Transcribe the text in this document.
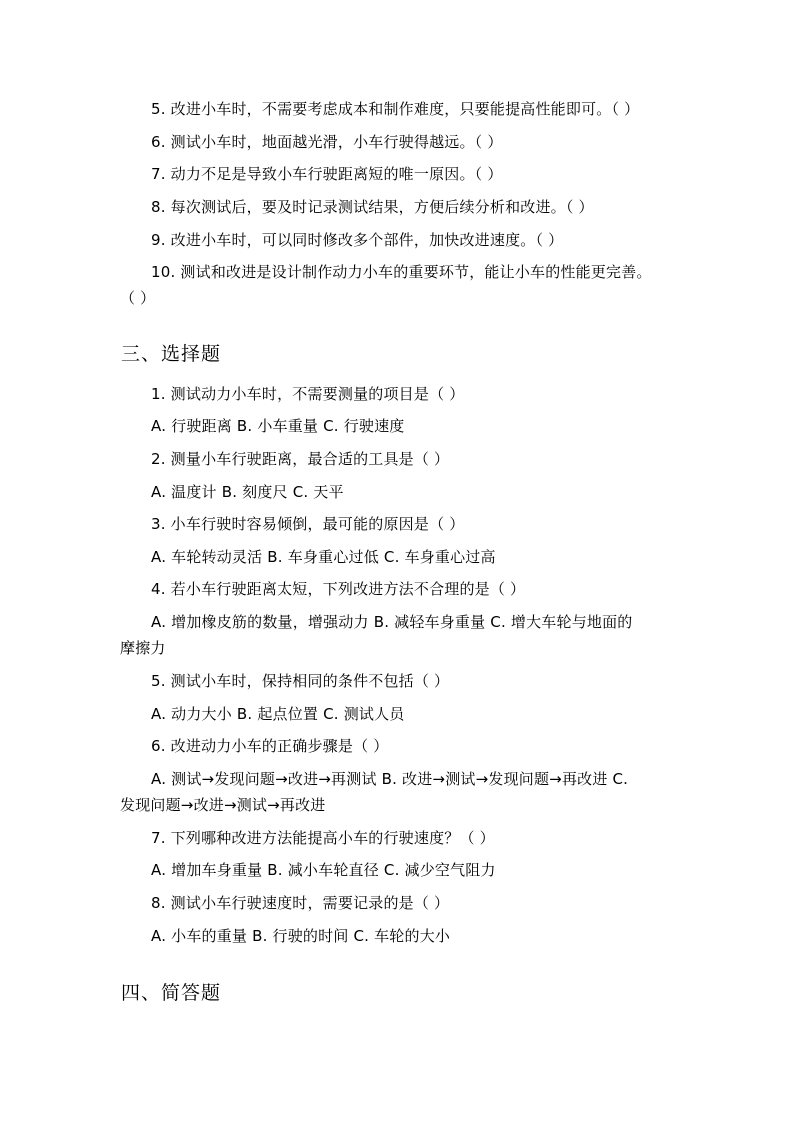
5. 改进小车时，不需要考虑成本和制作难度，只要能提高性能即可。（ ）
6. 测试小车时，地面越光滑，小车行驶得越远。（ ）
7. 动力不足是导致小车行驶距离短的唯一原因。（ ）
8. 每次测试后，要及时记录测试结果，方便后续分析和改进。（ ）
9. 改进小车时，可以同时修改多个部件，加快改进速度。（ ）
10. 测试和改进是设计制作动力小车的重要环节，能让小车的性能更完善。
（ ）
三、选择题
1. 测试动力小车时，不需要测量的项目是（ ）
A. 行驶距离 B. 小车重量 C. 行驶速度
2. 测量小车行驶距离，最合适的工具是（ ）
A. 温度计 B. 刻度尺 C. 天平
3. 小车行驶时容易倾倒，最可能的原因是（ ）
A. 车轮转动灵活 B. 车身重心过低 C. 车身重心过高
4. 若小车行驶距离太短，下列改进方法不合理的是（ ）
A. 增加橡皮筋的数量，增强动力 B. 减轻车身重量 C. 增大车轮与地面的
摩擦力
5. 测试小车时，保持相同的条件不包括（ ）
A. 动力大小 B. 起点位置 C. 测试人员
6. 改进动力小车的正确步骤是（ ）
A. 测试→发现问题→改进→再测试 B. 改进→测试→发现问题→再改进 C.
发现问题→改进→测试→再改进
7. 下列哪种改进方法能提高小车的行驶速度？（ ）
A. 增加车身重量 B. 减小车轮直径 C. 减少空气阻力
8. 测试小车行驶速度时，需要记录的是（ ）
A. 小车的重量 B. 行驶的时间 C. 车轮的大小
四、简答题
